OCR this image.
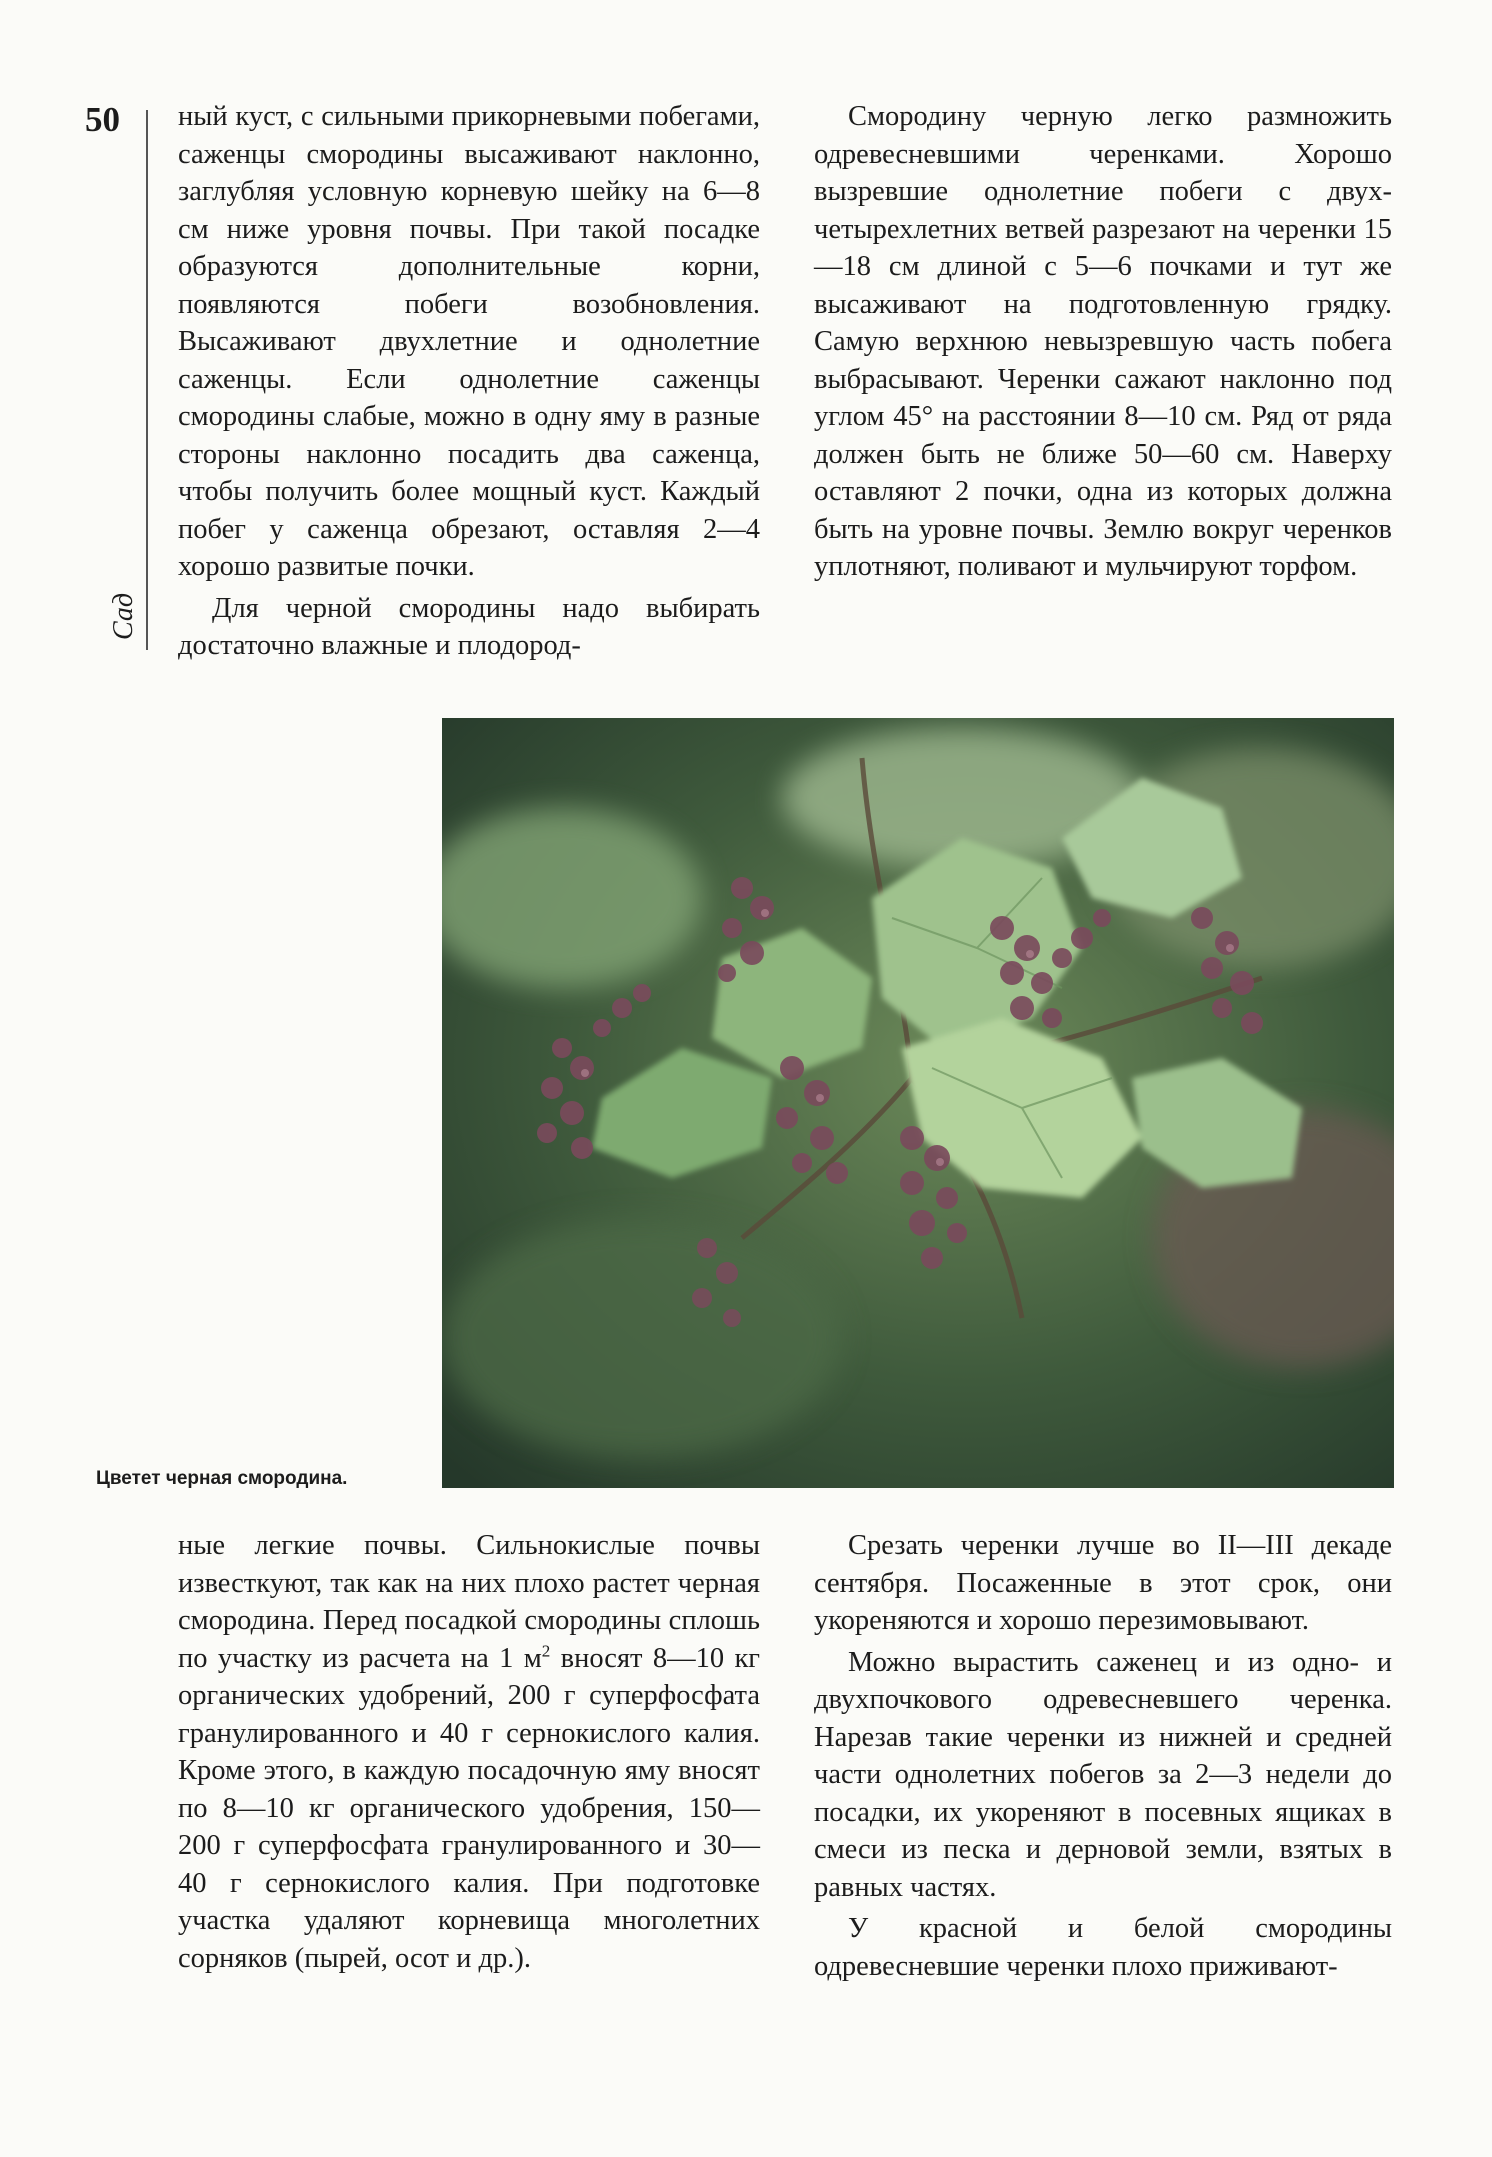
50
Сад

ный куст, с сильными прикорневыми побегами, саженцы смородины высаживают наклонно, заглубляя условную корневую шейку на 6—8 см ниже уровня почвы. При такой посадке образуются дополнительные корни, появляются побеги возобновления. Высаживают двухлетние и однолетние саженцы. Если однолетние саженцы смородины слабые, можно в одну яму в разные стороны наклонно посадить два саженца, чтобы получить более мощный куст. Каждый побег у саженца обрезают, оставляя 2—4 хорошо развитые почки.

Для черной смородины надо выбирать достаточно влажные и плодород-

Смородину черную легко размножить одревесневшими черенками. Хорошо вызревшие однолетние побеги с двух-четырехлетних ветвей разрезают на черенки 15—18 см длиной с 5—6 почками и тут же высаживают на подготовленную грядку. Самую верхнюю невызревшую часть побега выбрасывают. Черенки сажают наклонно под углом 45° на расстоянии 8—10 см. Ряд от ряда должен быть не ближе 50—60 см. Наверху оставляют 2 почки, одна из которых должна быть на уровне почвы. Землю вокруг черенков уплотняют, поливают и мульчируют торфом.

Цветет черная смородина.

ные легкие почвы. Сильнокислые почвы известкуют, так как на них плохо растет черная смородина. Перед посадкой смородины сплошь по участку из расчета на 1 $м^2$ вносят 8—10 кг органических удобрений, 200 г суперфосфата гранулированного и 40 г сернокислого калия. Кроме этого, в каждую посадочную яму вносят по 8—10 кг органического удобрения, 150—200 г суперфосфата гранулированного и 30—40 г сернокислого калия. При подготовке участка удаляют корневища многолетних сорняков (пырей, осот и др.).

Срезать черенки лучше во II—III декаде сентября. Посаженные в этот срок, они укореняются и хорошо перезимовывают.

Можно вырастить саженец и из одно- и двухпочкового одревесневшего черенка. Нарезав такие черенки из нижней и средней части однолетних побегов за 2—3 недели до посадки, их укореняют в посевных ящиках в смеси из песка и дерновой земли, взятых в равных частях.

У красной и белой смородины одревесневшие черенки плохо приживают-
